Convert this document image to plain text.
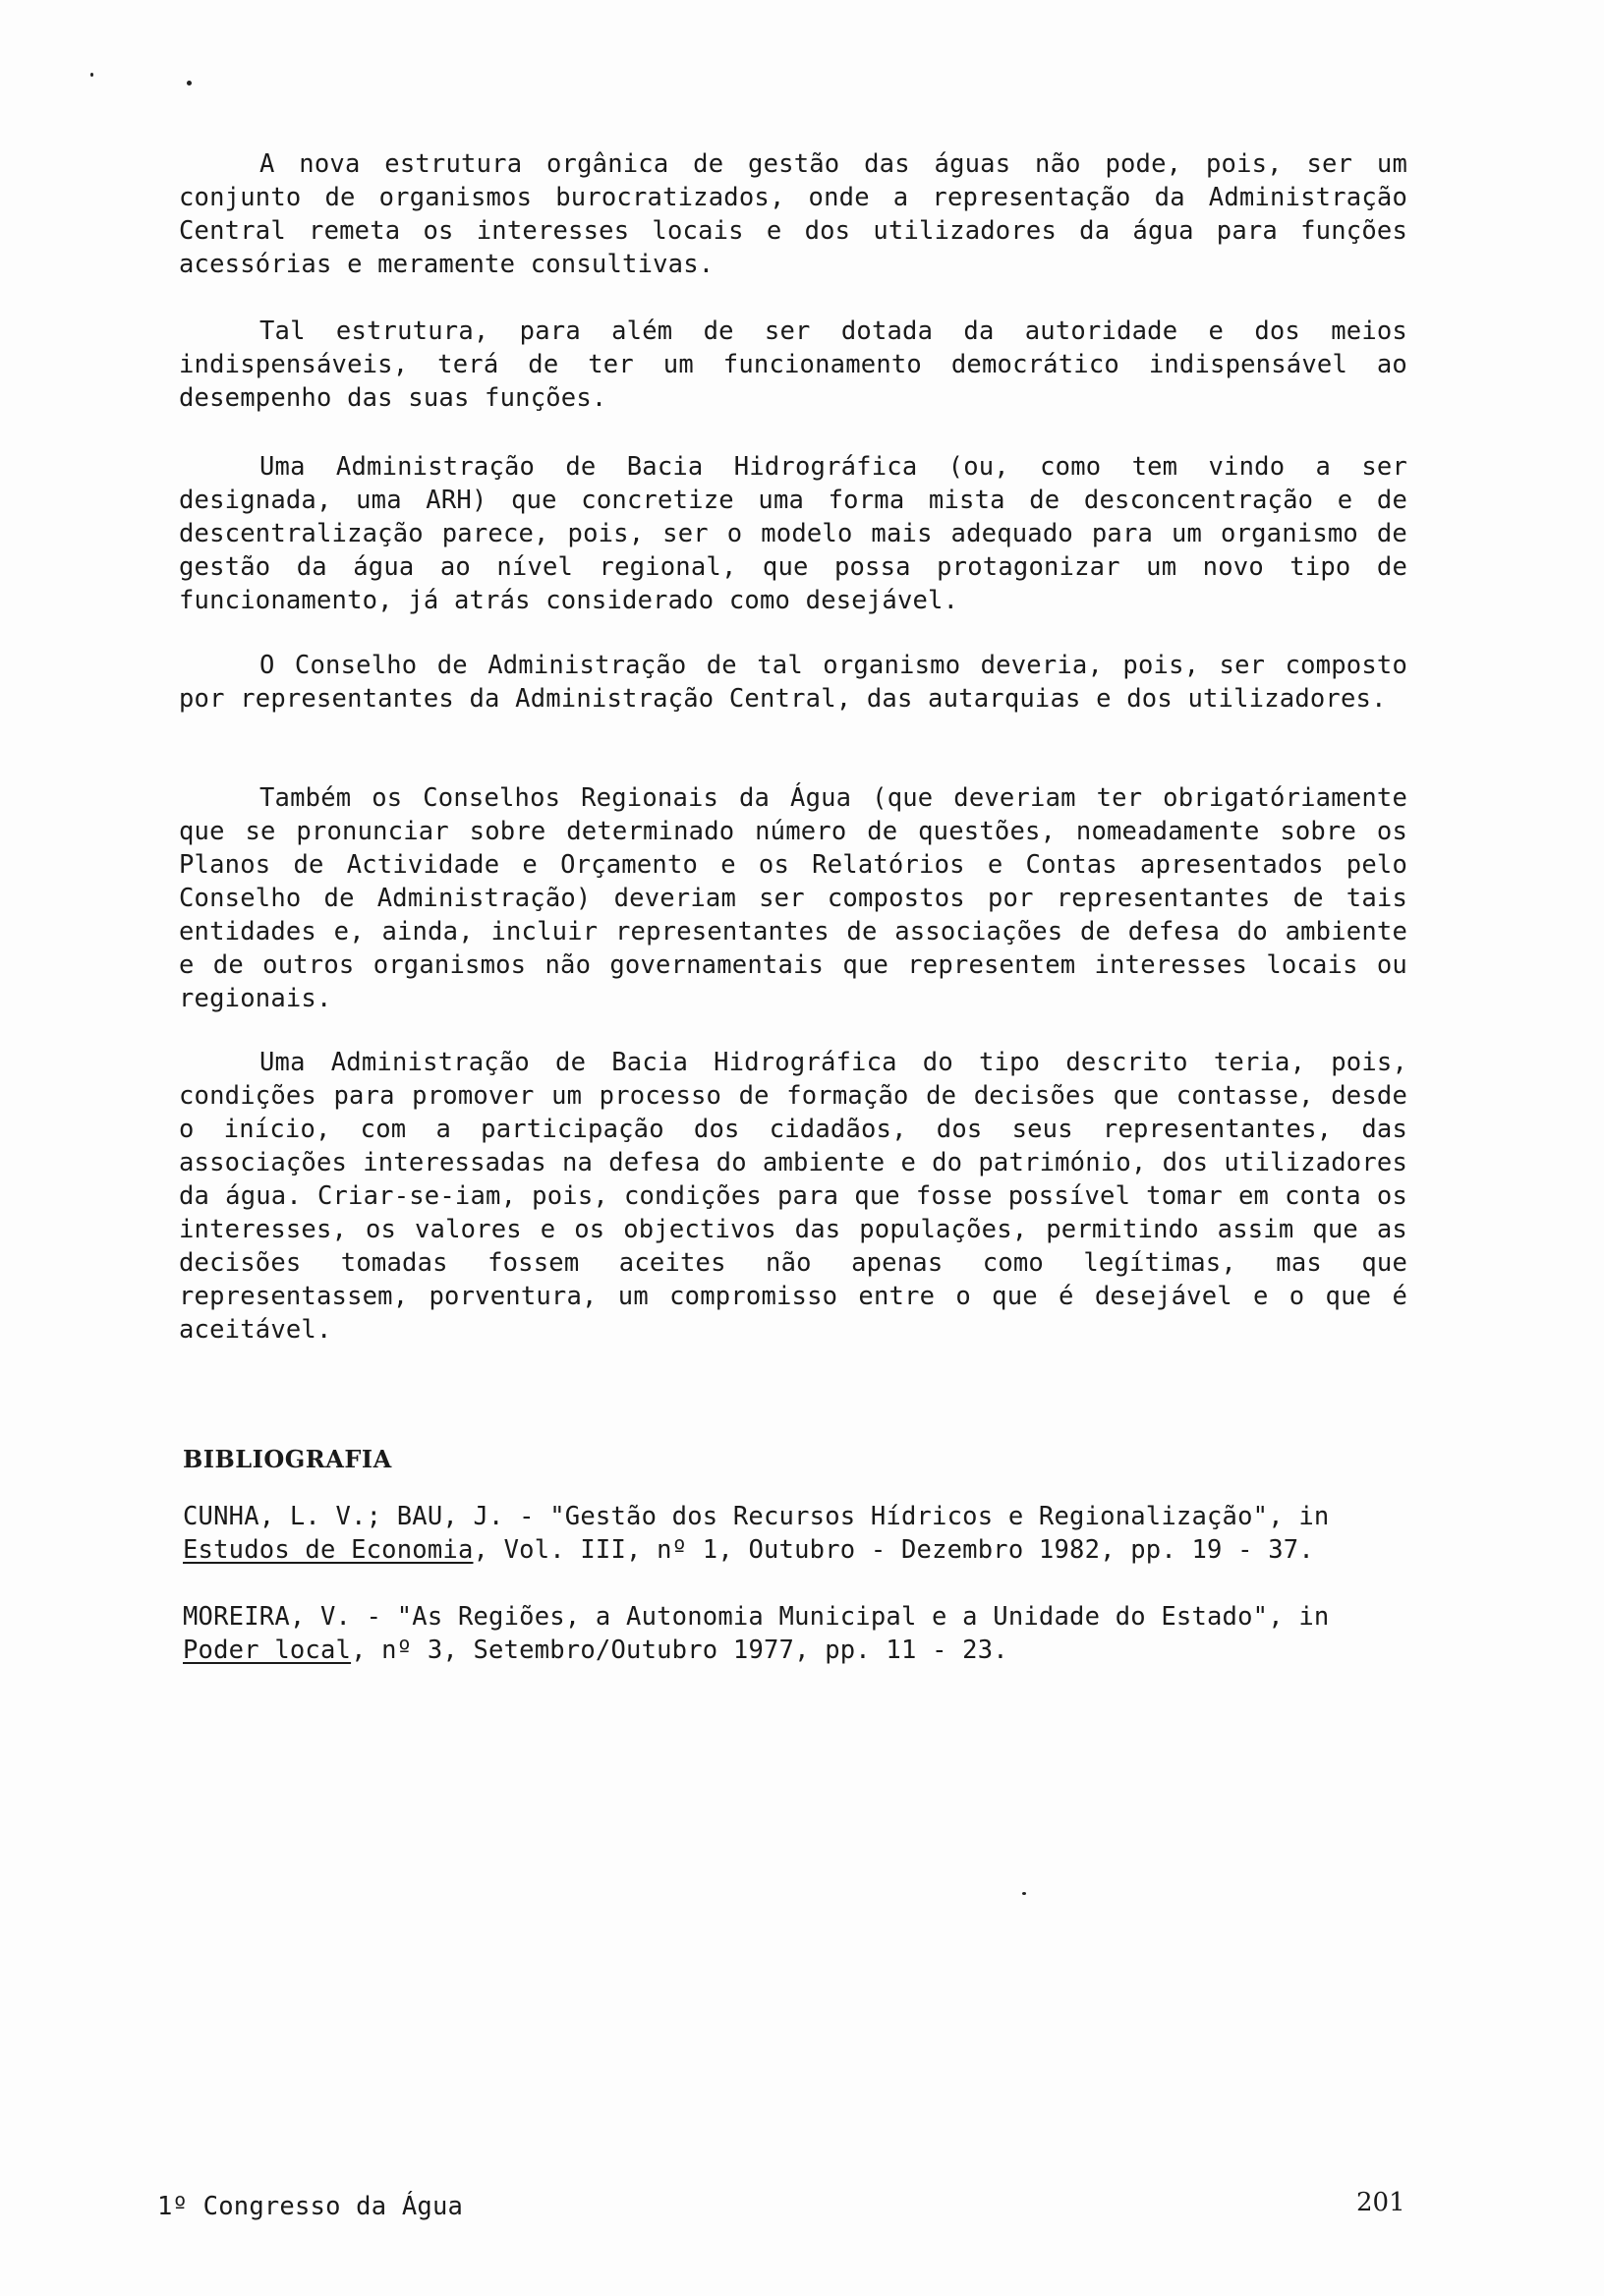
A nova estrutura orgânica de gestão das águas não pode, pois, ser um conjunto de organismos burocratizados, onde a representação da Administração Central remeta os interesses locais e dos utilizadores da água para funções acessórias e meramente consultivas.

Tal estrutura, para além de ser dotada da autoridade e dos meios indispensáveis, terá de ter um funcionamento democrático indispensável ao desempenho das suas funções.

Uma Administração de Bacia Hidrográfica (ou, como tem vindo a ser designada, uma ARH) que concretize uma forma mista de desconcentração e de descentralização parece, pois, ser o modelo mais adequado para um organismo de gestão da água ao nível regional, que possa protagonizar um novo tipo de funcionamento, já atrás considerado como desejável.

O Conselho de Administração de tal organismo deveria, pois, ser composto por representantes da Administração Central, das autarquias e dos utilizadores.

Também os Conselhos Regionais da Água (que deveriam ter obrigatóriamente que se pronunciar sobre determinado número de questões, nomeadamente sobre os Planos de Actividade e Orçamento e os Relatórios e Contas apresentados pelo Conselho de Administração) deveriam ser compostos por representantes de tais entidades e, ainda, incluir representantes de associações de defesa do ambiente e de outros organismos não governamentais que representem interesses locais ou regionais.

Uma Administração de Bacia Hidrográfica do tipo descrito teria, pois, condições para promover um processo de formação de decisões que contasse, desde o início, com a participação dos cidadãos, dos seus representantes, das associações interessadas na defesa do ambiente e do património, dos utilizadores da água. Criar-se-iam, pois, condições para que fosse possível tomar em conta os interesses, os valores e os objectivos das populações, permitindo assim que as decisões tomadas fossem aceites não apenas como legítimas, mas que representassem, porventura, um compromisso entre o que é desejável e o que é aceitável.

BIBLIOGRAFIA
CUNHA, L. V.; BAU, J. - "Gestão dos Recursos Hídricos e Regionalização", in Estudos de Economia, Vol. III, nº 1, Outubro - Dezembro 1982, pp. 19 - 37.
MOREIRA, V. - "As Regiões, a Autonomia Municipal e a Unidade do Estado", in Poder local, nº 3, Setembro/Outubro 1977, pp. 11 - 23.
1º Congresso da Água	201
